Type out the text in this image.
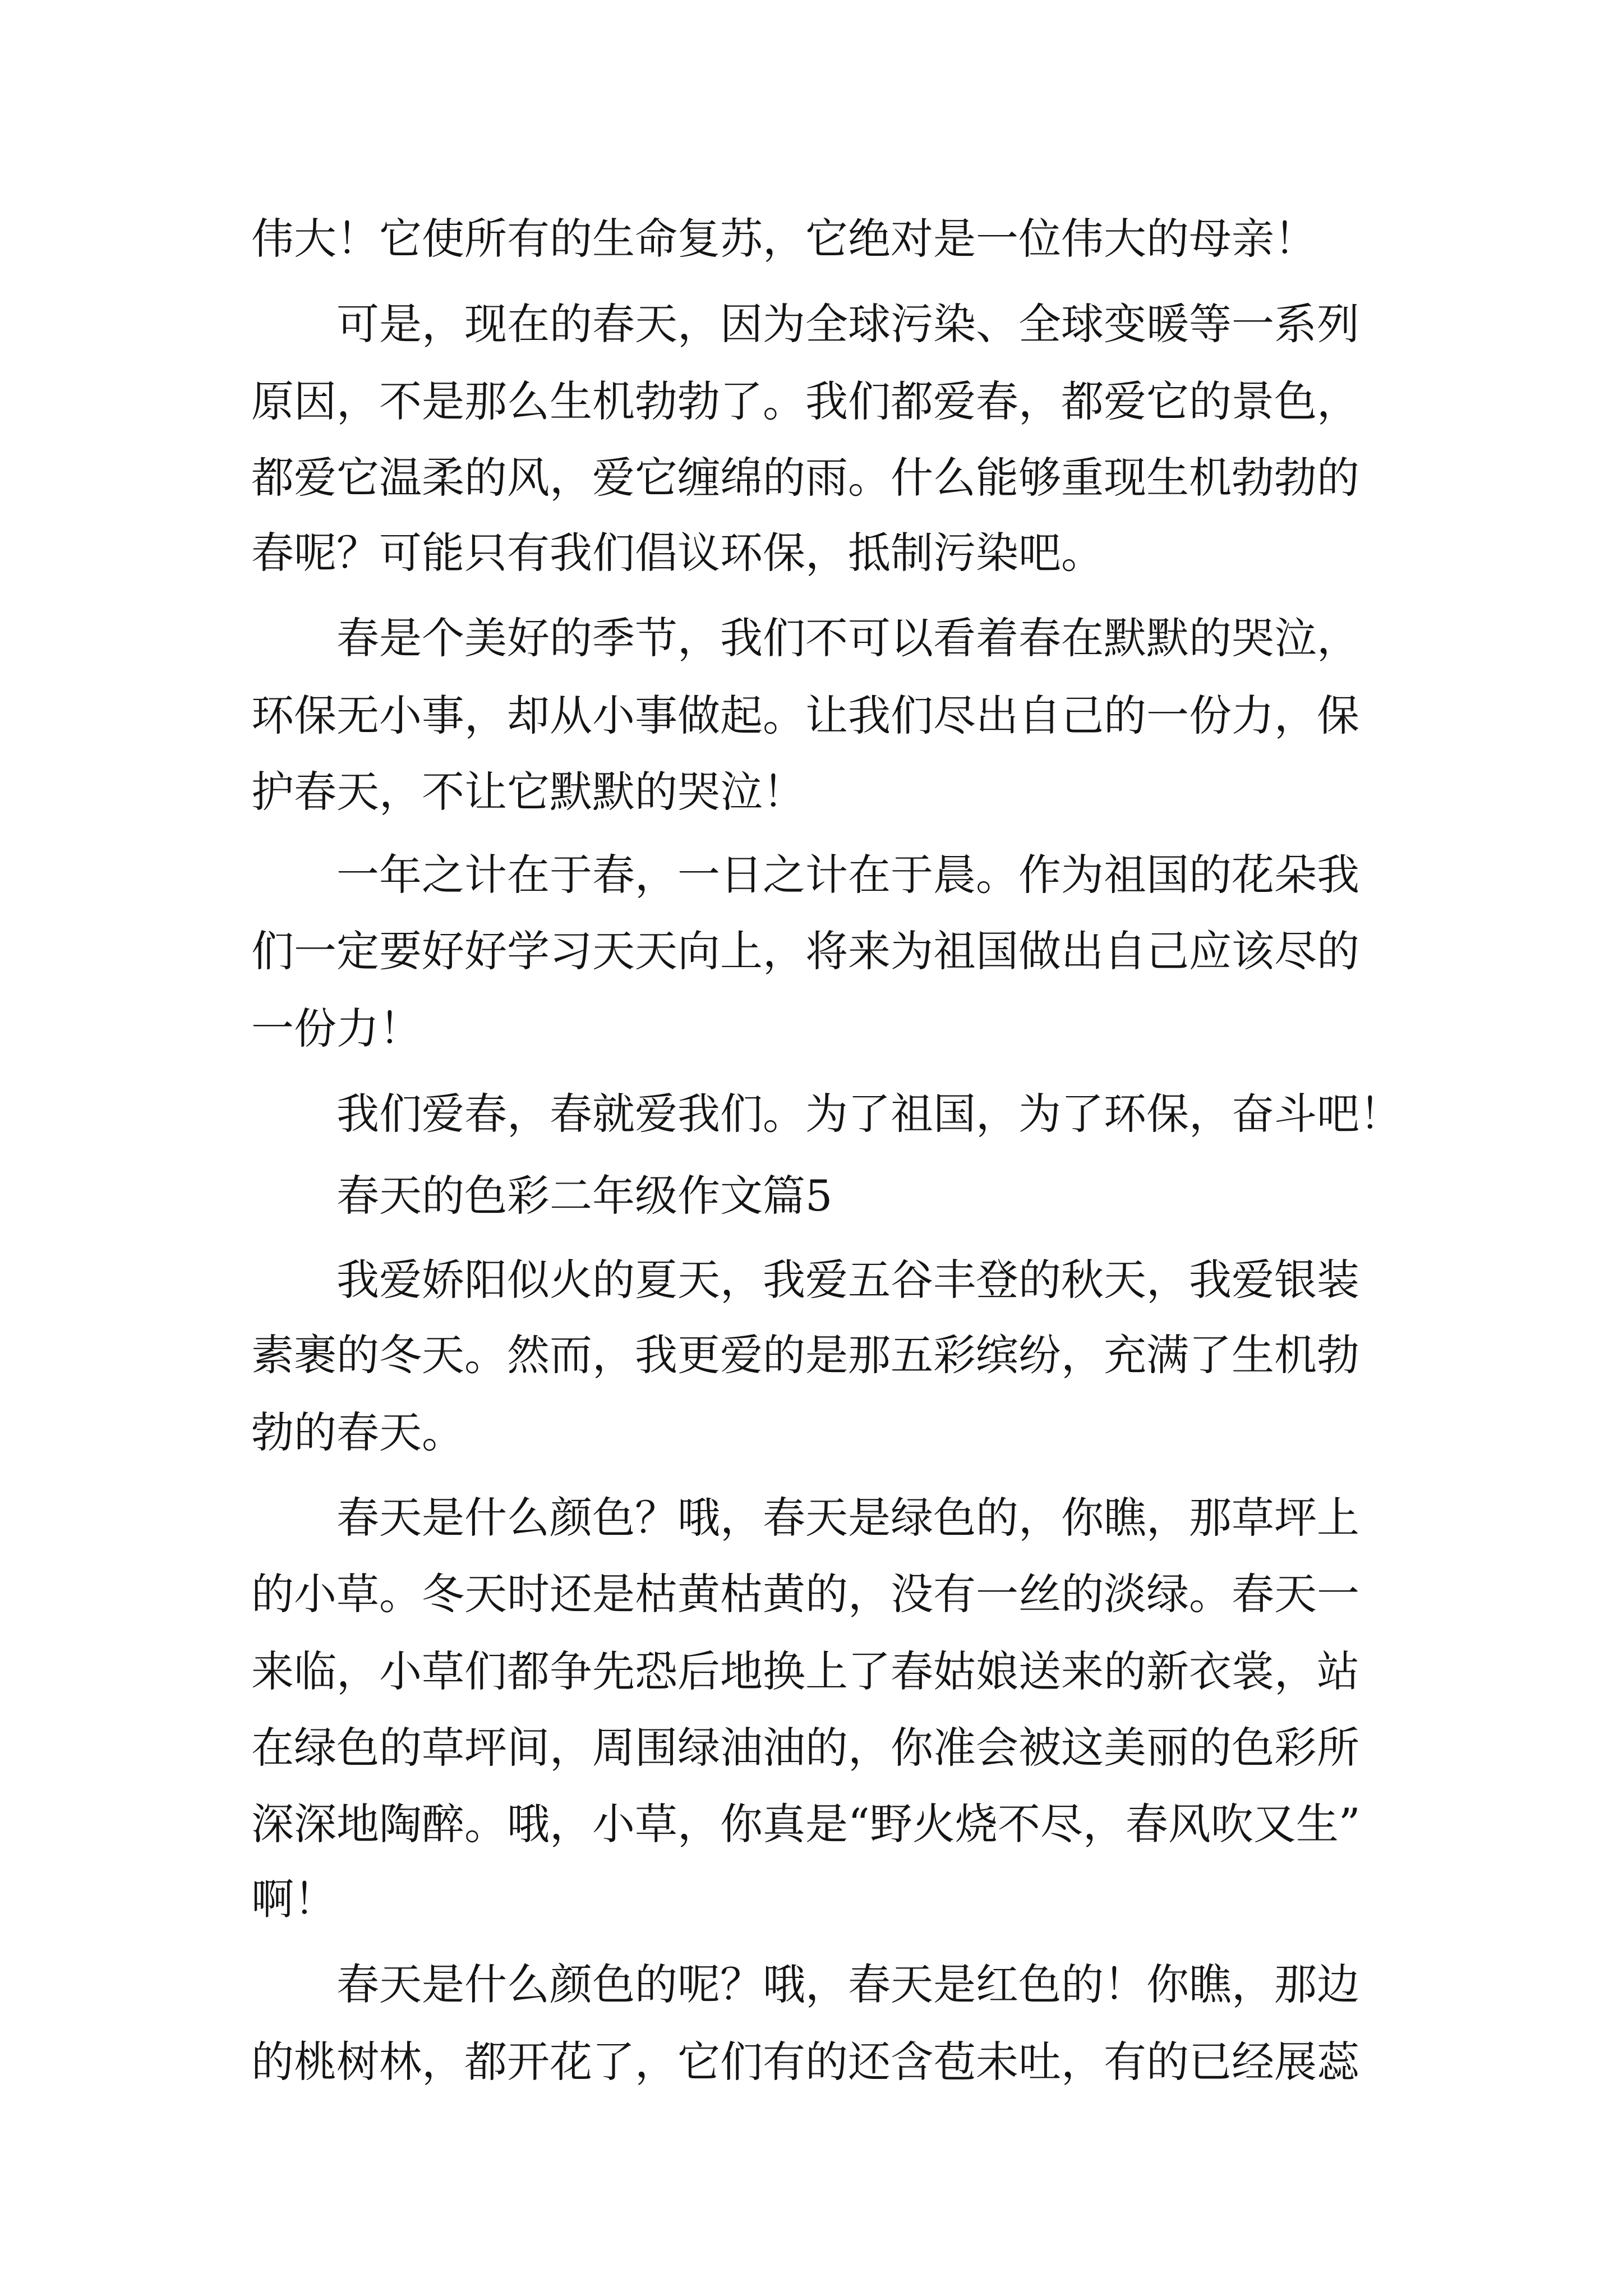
伟大！它使所有的生命复苏，它绝对是一位伟大的母亲！
可是，现在的春天，因为全球污染、全球变暖等一系列
原因，不是那么生机勃勃了。我们都爱春，都爱它的景色，
都爱它温柔的风，爱它缠绵的雨。什么能够重现生机勃勃的
春呢？可能只有我们倡议环保，抵制污染吧。
春是个美好的季节，我们不可以看着春在默默的哭泣，
环保无小事，却从小事做起。让我们尽出自己的一份力，保
护春天，不让它默默的哭泣！
一年之计在于春，一日之计在于晨。作为祖国的花朵我
们一定要好好学习天天向上，将来为祖国做出自己应该尽的
一份力！
我们爱春，春就爱我们。为了祖国，为了环保，奋斗吧！
春天的色彩二年级作文篇5
我爱娇阳似火的夏天，我爱五谷丰登的秋天，我爱银装
素裹的冬天。然而，我更爱的是那五彩缤纷，充满了生机勃
勃的春天。
春天是什么颜色？哦，春天是绿色的，你瞧，那草坪上
的小草。冬天时还是枯黄枯黄的，没有一丝的淡绿。春天一
来临，小草们都争先恐后地换上了春姑娘送来的新衣裳，站
在绿色的草坪间，周围绿油油的，你准会被这美丽的色彩所
深深地陶醉。哦，小草，你真是“野火烧不尽，春风吹又生”
啊！
春天是什么颜色的呢？哦，春天是红色的！你瞧，那边
的桃树林，都开花了，它们有的还含苞未吐，有的已经展蕊
